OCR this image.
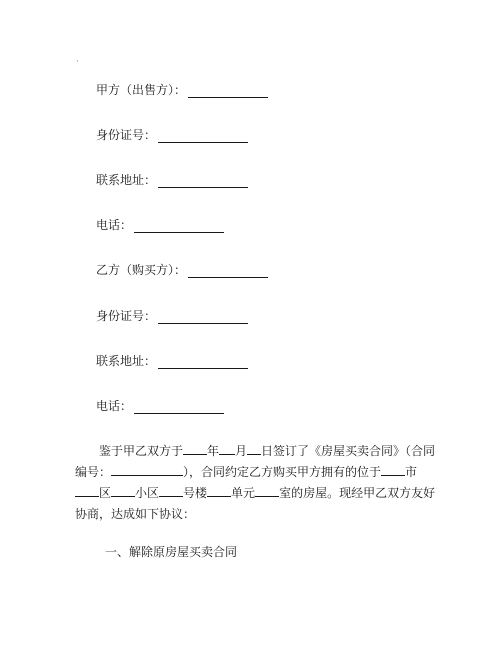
·
甲方（出售方）：
身份证号：
联系地址：
电话：
乙方（购买方）：
身份证号：
联系地址：
电话：
鉴于甲乙双方于 年 月 日签订了《房屋买卖合同》（合同
编号：	），合同约定乙方购买甲方拥有的位于 市
区 小区 号楼 单元 室的房屋。现经甲乙双方友好
协商，达成如下协议：
一、解除原房屋买卖合同
